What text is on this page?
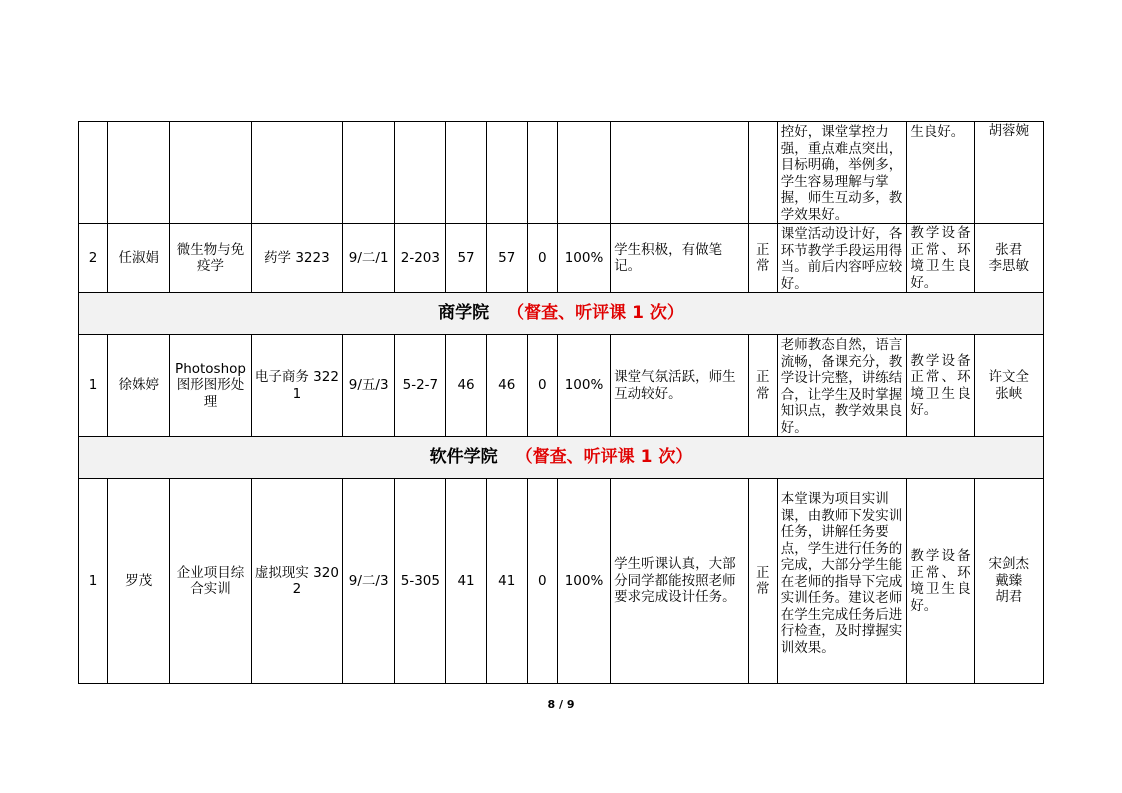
												控好，课堂掌控力强，重点难点突出，目标明确，举例多，学生容易理解与掌握，师生互动多，教学效果好。	生良好。	胡蓉婉
2	任淑娟	微生物与免疫学	药学 3223	9/二/1	2-203	57	57	0	100%	学生积极，有做笔记。	正常	课堂活动设计好，各环节教学手段运用得当。前后内容呼应较好。	教学设备正常、环境卫生良好。	张君
李思敏

商学院 （督查、听评课 1 次）														
1	徐姝婷	Photoshop 图形图形处理	电子商务 3221	9/五/3	5-2-7	46	46	0	100%	课堂气氛活跃，师生互动较好。	正常	老师教态自然，语言流畅，备课充分，教学设计完整，讲练结合，让学生及时掌握知识点，教学效果良好。	教学设备正常、环境卫生良好。	许文全
张峡

软件学院 （督查、听评课 1 次）														
1	罗茂	企业项目综合实训	虚拟现实 3202	9/二/3	5-305	41	41	0	100%	学生听课认真，大部分同学都能按照老师要求完成设计任务。	正常	本堂课为项目实训课，由教师下发实训任务，讲解任务要点，学生进行任务的完成，大部分学生能在老师的指导下完成实训任务。建议老师在学生完成任务后进行检查，及时撑握实训效果。	教学设备正常、环境卫生良好。	宋剑杰
戴臻
胡君
8 / 9
